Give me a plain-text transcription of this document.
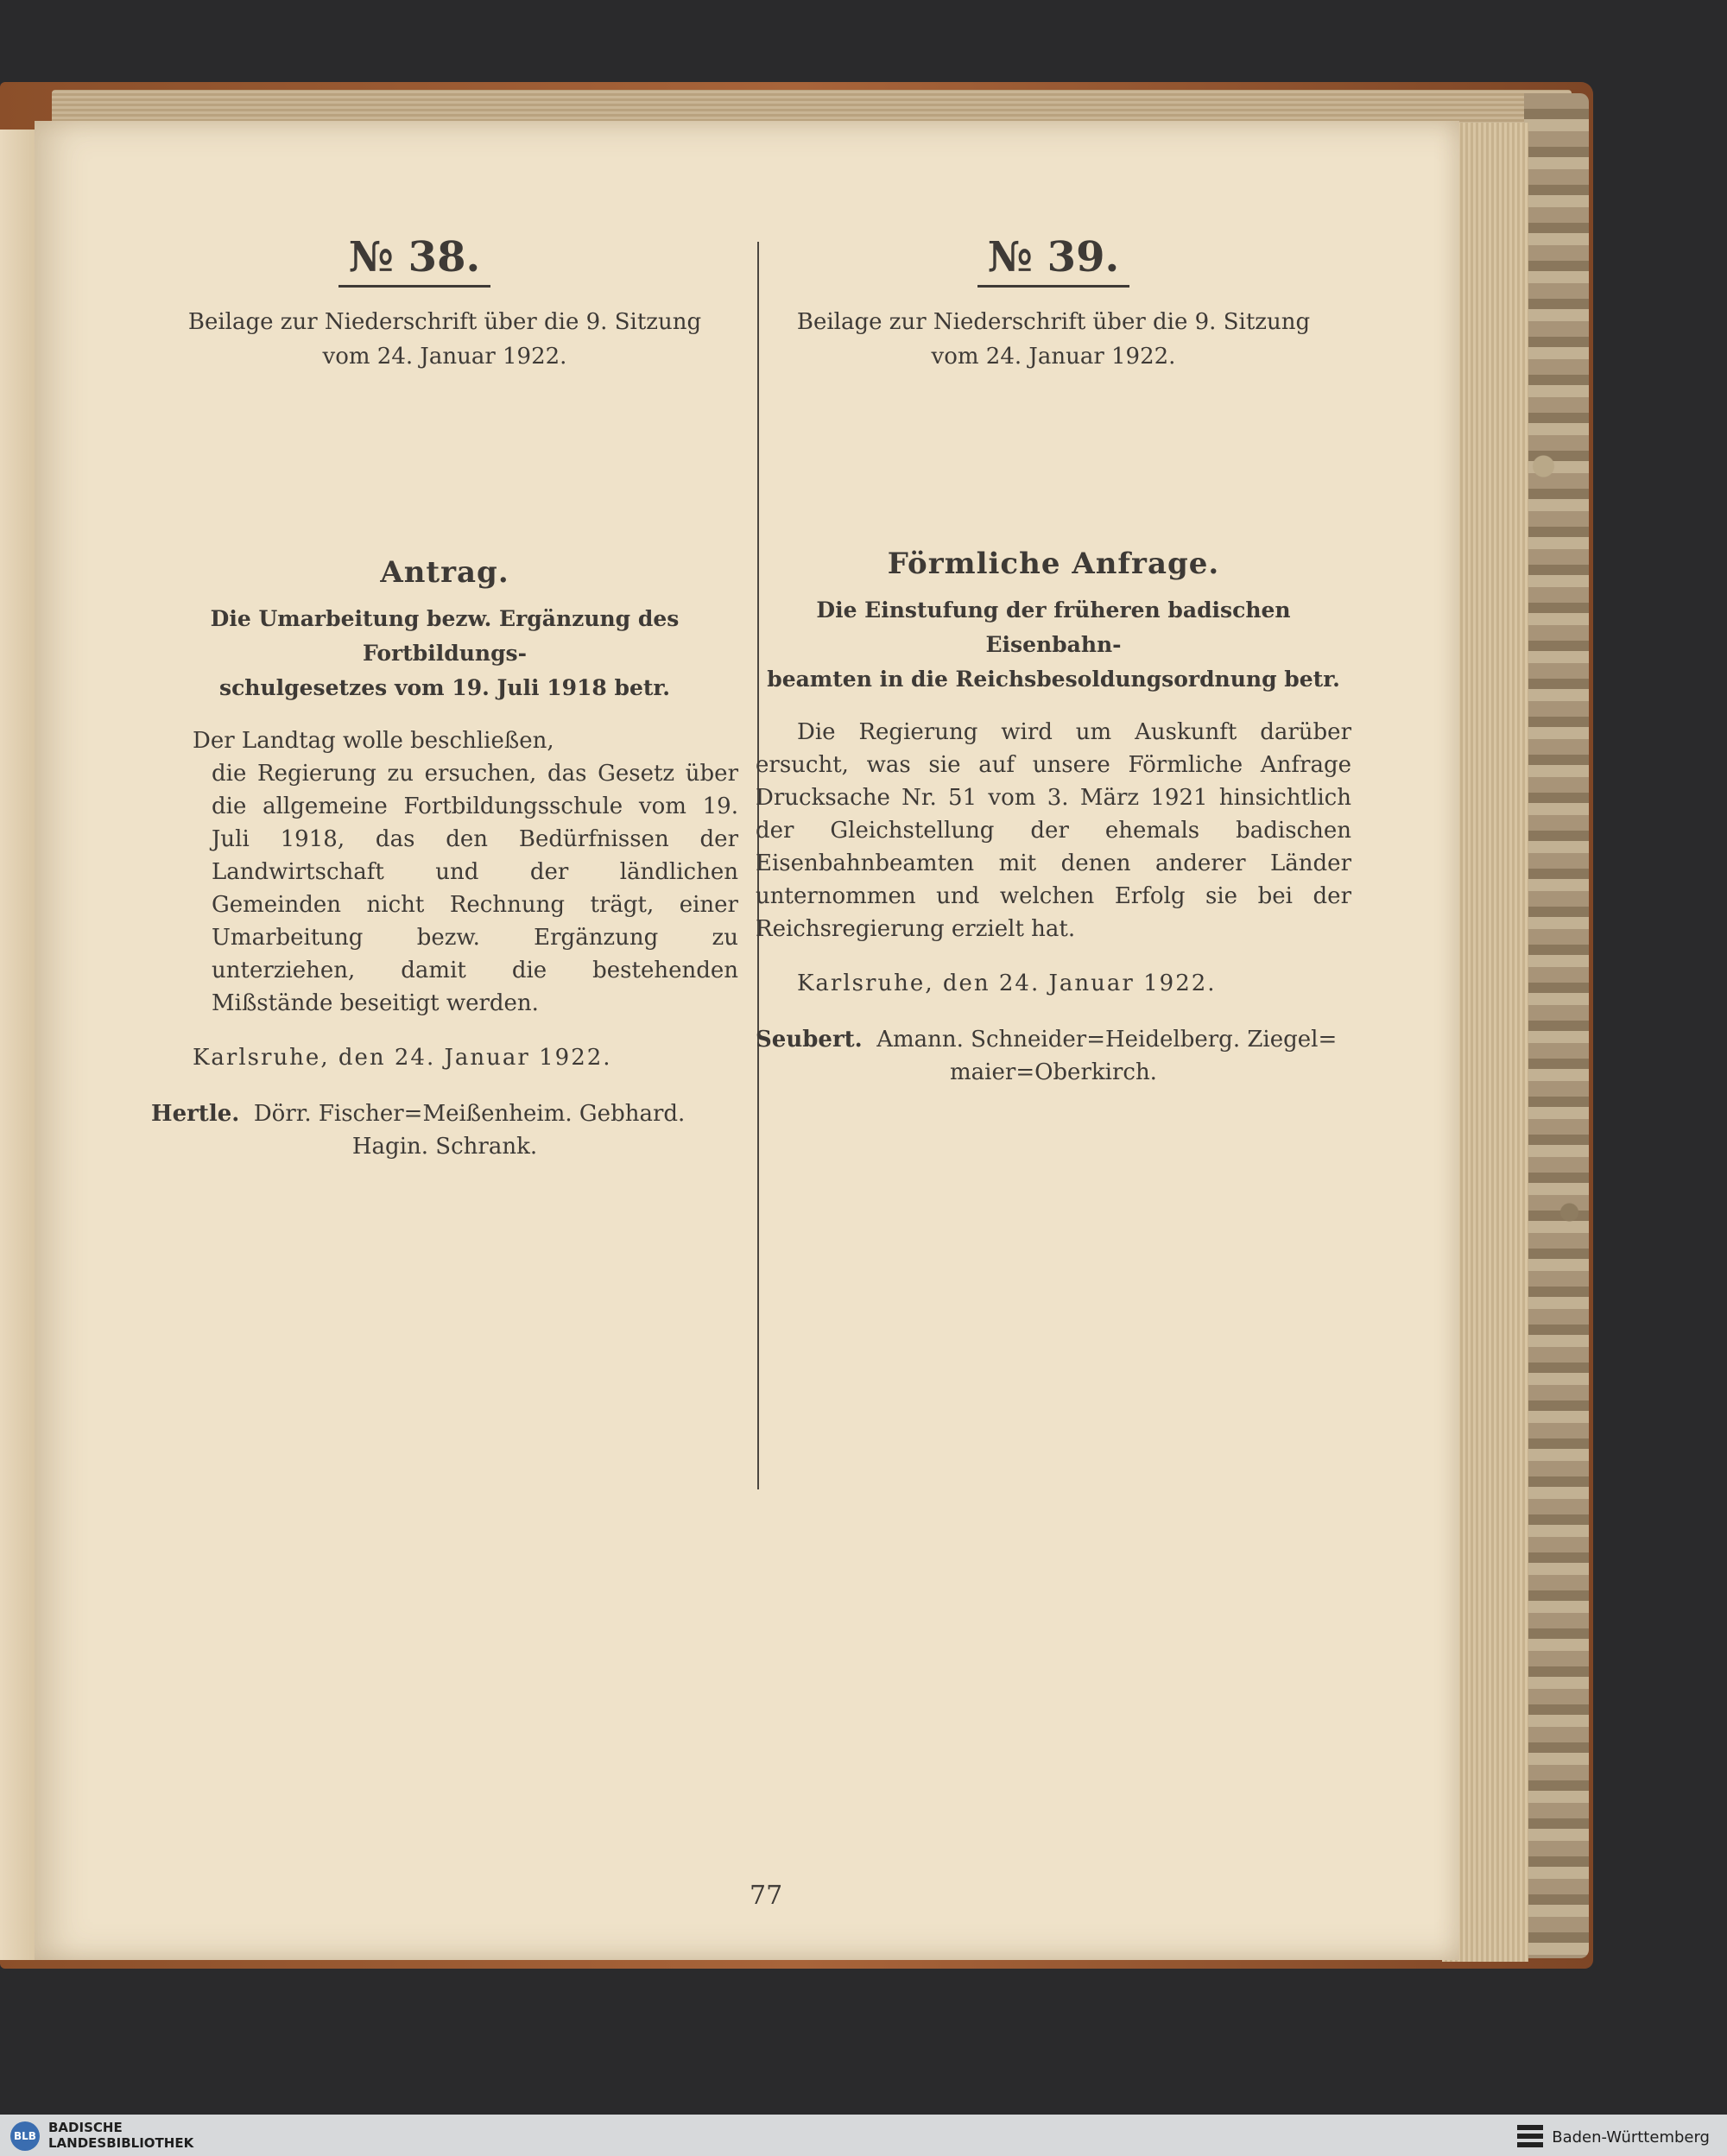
№ 38.
Beilage zur Niederschrift über die 9. Sitzung
vom 24. Januar 1922.
Antrag.
Die Umarbeitung bezw. Ergänzung des Fortbildungs-
schulgesetzes vom 19. Juli 1918 betr.
Der Landtag wolle beschließen,
die Regierung zu ersuchen, das Gesetz über die allgemeine Fortbildungsschule vom 19. Juli 1918, das den Bedürfnissen der Landwirtschaft und der ländlichen Gemeinden nicht Rechnung trägt, einer Umarbeitung bezw. Ergänzung zu unterziehen, damit die bestehenden Mißstände beseitigt werden.
Karlsruhe, den 24. Januar 1922.
Hertle. Dörr. Fischer=Meißenheim. Gebhard.
Hagin. Schrank.
№ 39.
Beilage zur Niederschrift über die 9. Sitzung
vom 24. Januar 1922.
Förmliche Anfrage.
Die Einstufung der früheren badischen Eisenbahn-
beamten in die Reichsbesoldungsordnung betr.
Die Regierung wird um Auskunft darüber ersucht, was sie auf unsere Förmliche Anfrage Drucksache Nr. 51 vom 3. März 1921 hinsichtlich der Gleichstellung der ehemals badischen Eisenbahnbeamten mit denen anderer Länder unternommen und welchen Erfolg sie bei der Reichsregierung erzielt hat.
Karlsruhe, den 24. Januar 1922.
Seubert. Amann. Schneider=Heidelberg. Ziegel=
maier=Oberkirch.
77
BLB
BADISCHE
LANDESBIBLIOTHEK	Baden-Württemberg
